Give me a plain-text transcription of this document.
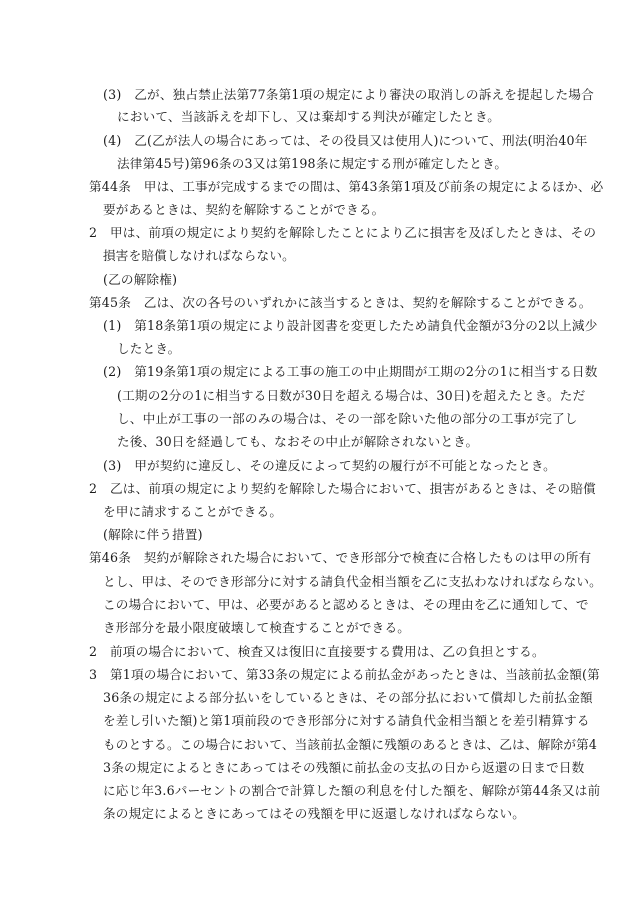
(3)　乙が、独占禁止法第77条第1項の規定により審決の取消しの訴えを提起した場合
において、当該訴えを却下し、又は棄却する判決が確定したとき。
(4)　乙(乙が法人の場合にあっては、その役員又は使用人)について、刑法(明治40年
法律第45号)第96条の3又は第198条に規定する刑が確定したとき。
第44条　甲は、工事が完成するまでの間は、第43条第1項及び前条の規定によるほか、必
要があるときは、契約を解除することができる。
2　甲は、前項の規定により契約を解除したことにより乙に損害を及ぼしたときは、その
損害を賠償しなければならない。
(乙の解除権)
第45条　乙は、次の各号のいずれかに該当するときは、契約を解除することができる。
(1)　第18条第1項の規定により設計図書を変更したため請負代金額が3分の2以上減少
したとき。
(2)　第19条第1項の規定による工事の施工の中止期間が工期の2分の1に相当する日数
(工期の2分の1に相当する日数が30日を超える場合は、30日)を超えたとき。ただ
し、中止が工事の一部のみの場合は、その一部を除いた他の部分の工事が完了し
た後、30日を経過しても、なおその中止が解除されないとき。
(3)　甲が契約に違反し、その違反によって契約の履行が不可能となったとき。
2　乙は、前項の規定により契約を解除した場合において、損害があるときは、その賠償
を甲に請求することができる。
(解除に伴う措置)
第46条　契約が解除された場合において、でき形部分で検査に合格したものは甲の所有
とし、甲は、そのでき形部分に対する請負代金相当額を乙に支払わなければならない。
この場合において、甲は、必要があると認めるときは、その理由を乙に通知して、で
き形部分を最小限度破壊して検査することができる。
2　前項の場合において、検査又は復旧に直接要する費用は、乙の負担とする。
3　第1項の場合において、第33条の規定による前払金があったときは、当該前払金額(第
36条の規定による部分払いをしているときは、その部分払において償却した前払金額
を差し引いた額)と第1項前段のでき形部分に対する請負代金相当額とを差引精算する
ものとする。この場合において、当該前払金額に残額のあるときは、乙は、解除が第4
3条の規定によるときにあってはその残額に前払金の支払の日から返還の日まで日数
に応じ年3.6パーセントの割合で計算した額の利息を付した額を、解除が第44条又は前
条の規定によるときにあってはその残額を甲に返還しなければならない。
